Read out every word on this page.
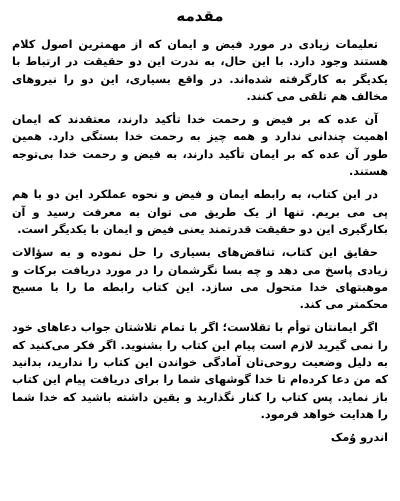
مقدمه

تعلیمات زیادی در مورد فیض و ایمان که از مهمترین اصول کلام هستند وجود دارد. با این حال، به ندرت این دو حقیقت در ارتباط با یکدیگر به کارگرفته شده‌اند. در واقع بسیاری، این دو را نیروهای مخالف هم تلقی می کنند.

آن عده که بر فیض و رحمت خدا تأکید دارند، معتقدند که ایمان اهمیت چندانی ندارد و همه چیز به رحمت خدا بستگی دارد. همین طور آن عده که بر ایمان تأکید دارند، به فیض و رحمت خدا بی‌توجه هستند.

در این کتاب، به رابطه ایمان و فیض و نحوه عملکرد این دو با هم پی می بریم. تنها از یک طریق می توان به معرفت رسید و آن بکارگیری این دو حقیقت قدرتمند یعنی فیض و ایمان با یکدیگر است.

حقایق این کتاب، تناقض‌های بسیاری را حل نموده و به سؤالات زیادی پاسخ می دهد و چه بسا نگرشمان را در مورد دریافت برکات و موهبتهای خدا متحول می سازد. این کتاب رابطه ما را با مسیح محکمتر می کند.

اگر ایمانتان توأم با تقلاست؛ اگر با تمام تلاشتان جواب دعاهای خود را نمی گیرید لازم است پیام این کتاب را بشنوید. اگر فکر می‌کنید که به دلیل وضعیت روحی‌تان آمادگی خواندن این کتاب را ندارید، بدانید که من دعا کرده‌ام تا خدا گوشهای شما را برای دریافت پیام این کتاب باز نماید. پس کتاب را کنار نگذارید و یقین داشته باشید که خدا شما را هدایت خواهد فرمود.

اندرو وُمک
